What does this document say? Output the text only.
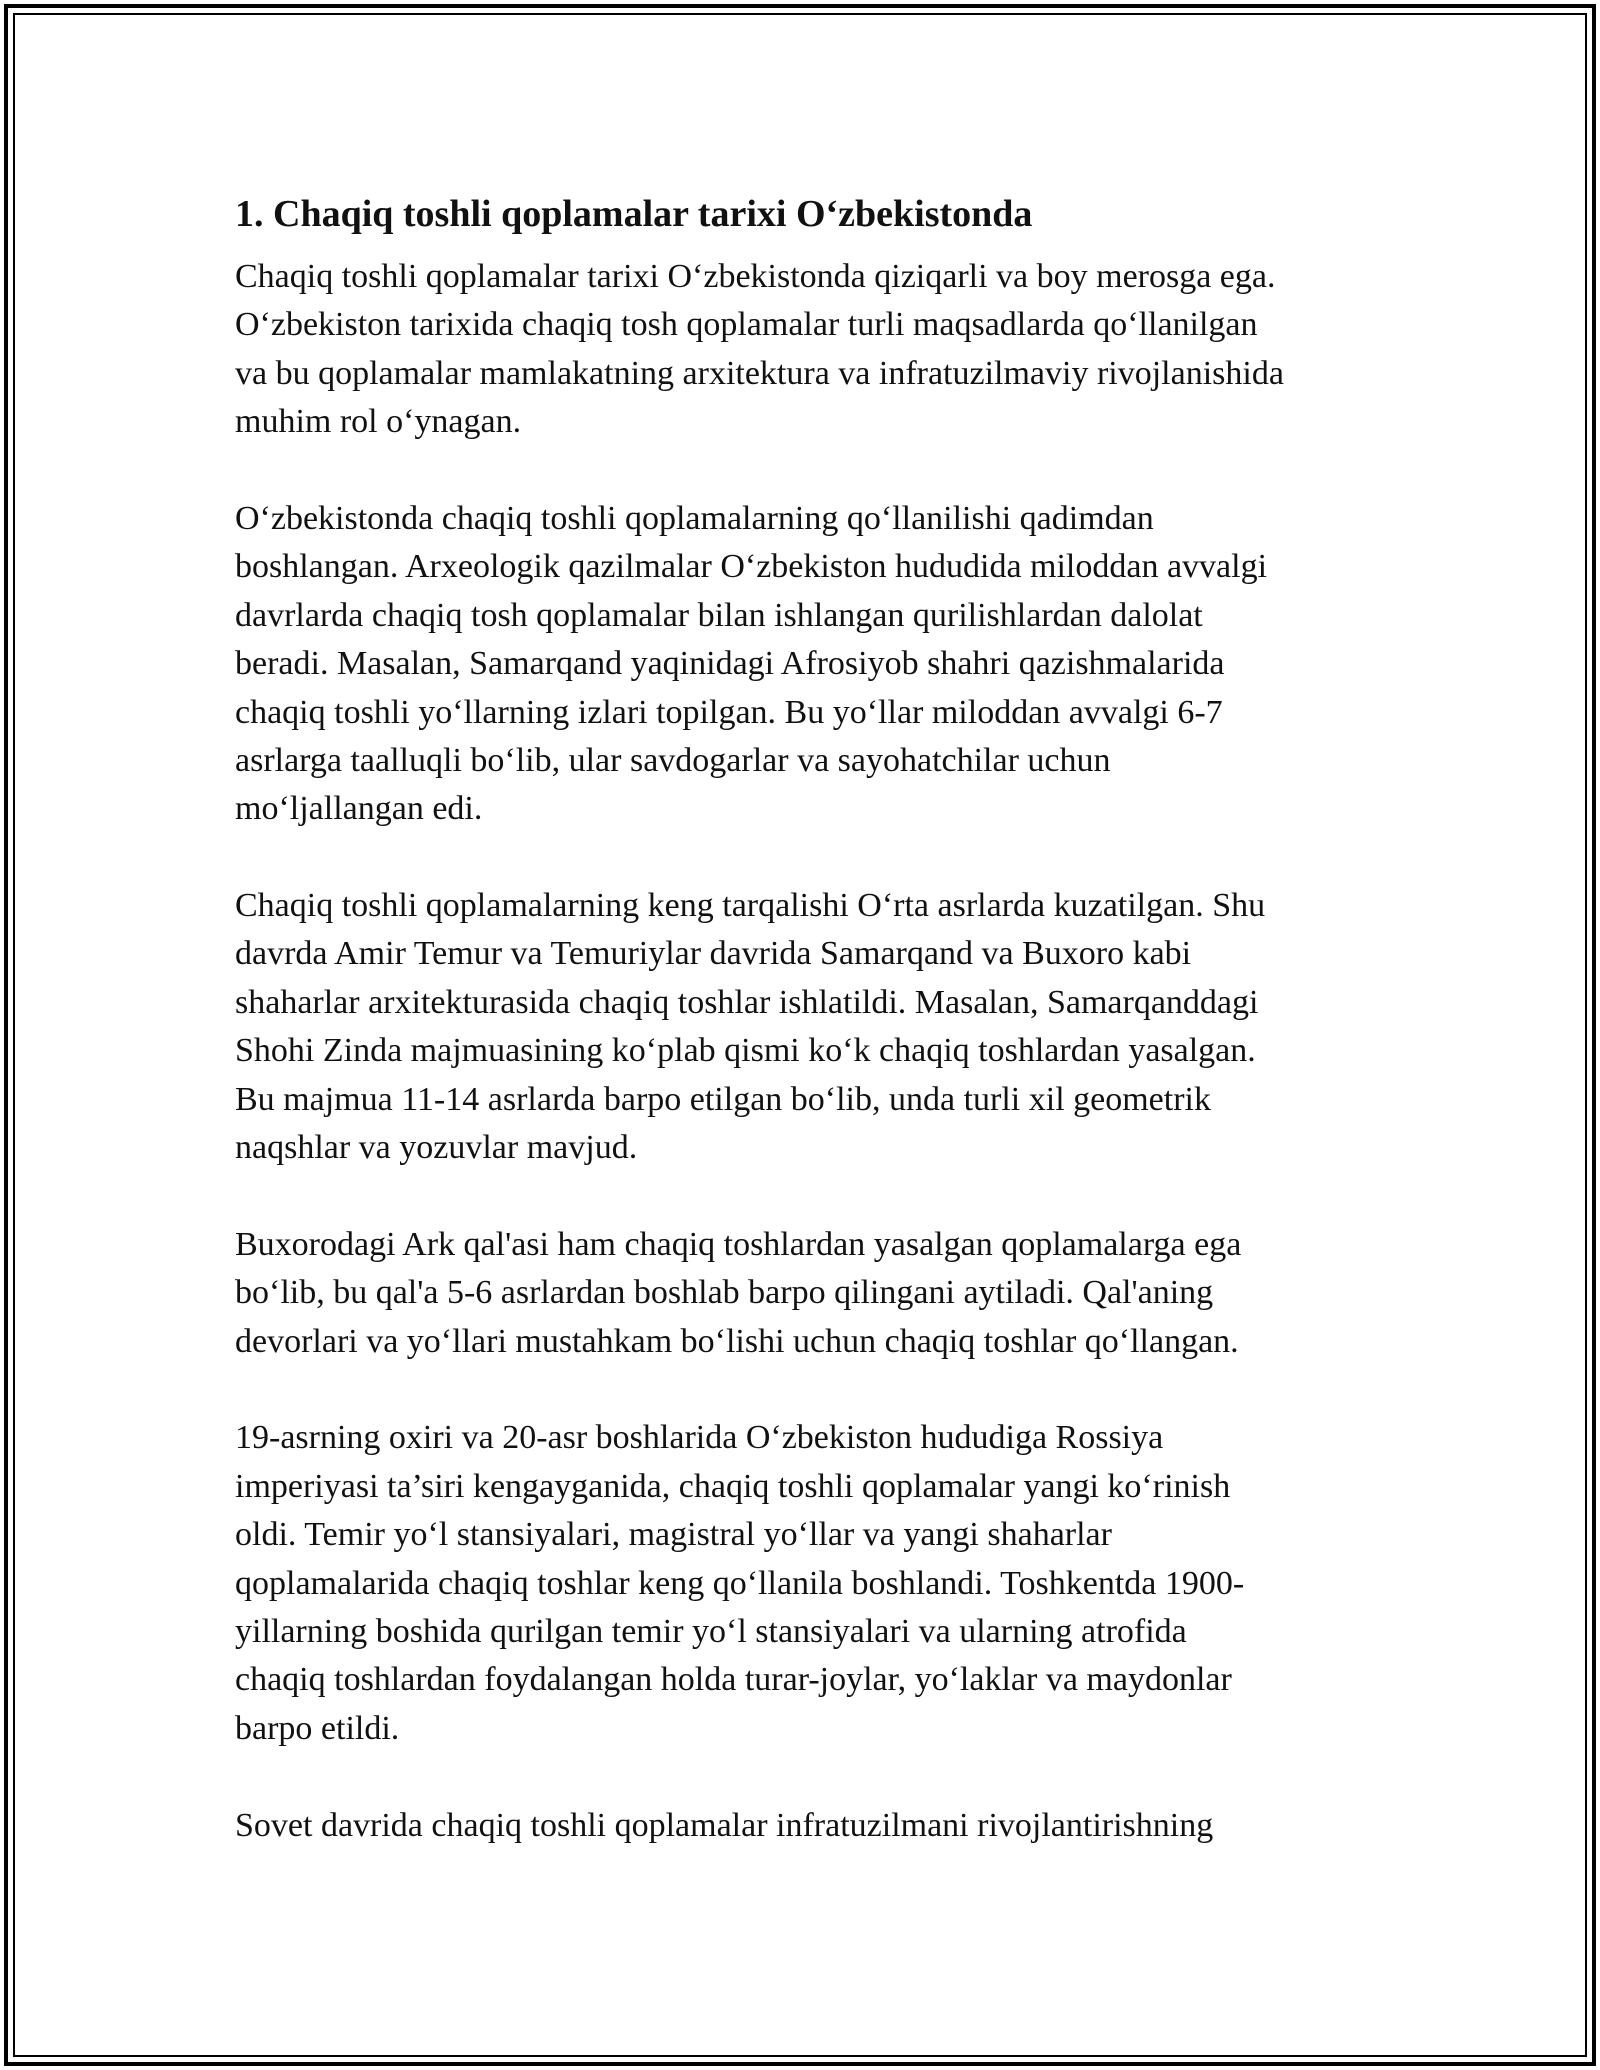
1. Chaqiq toshli qoplamalar tarixi O‘zbekistonda

Chaqiq toshli qoplamalar tarixi O‘zbekistonda qiziqarli va boy merosga ega.
O‘zbekiston tarixida chaqiq tosh qoplamalar turli maqsadlarda qo‘llanilgan
va bu qoplamalar mamlakatning arxitektura va infratuzilmaviy rivojlanishida
muhim rol o‘ynagan.

O‘zbekistonda chaqiq toshli qoplamalarning qo‘llanilishi qadimdan
boshlangan. Arxeologik qazilmalar O‘zbekiston hududida miloddan avvalgi
davrlarda chaqiq tosh qoplamalar bilan ishlangan qurilishlardan dalolat
beradi. Masalan, Samarqand yaqinidagi Afrosiyob shahri qazishmalarida
chaqiq toshli yo‘llarning izlari topilgan. Bu yo‘llar miloddan avvalgi 6-7
asrlarga taalluqli bo‘lib, ular savdogarlar va sayohatchilar uchun
mo‘ljallangan edi.

Chaqiq toshli qoplamalarning keng tarqalishi O‘rta asrlarda kuzatilgan. Shu
davrda Amir Temur va Temuriylar davrida Samarqand va Buxoro kabi
shaharlar arxitekturasida chaqiq toshlar ishlatildi. Masalan, Samarqanddagi
Shohi Zinda majmuasining ko‘plab qismi ko‘k chaqiq toshlardan yasalgan.
Bu majmua 11-14 asrlarda barpo etilgan bo‘lib, unda turli xil geometrik
naqshlar va yozuvlar mavjud.

Buxorodagi Ark qal'asi ham chaqiq toshlardan yasalgan qoplamalarga ega
bo‘lib, bu qal'a 5-6 asrlardan boshlab barpo qilingani aytiladi. Qal'aning
devorlari va yo‘llari mustahkam bo‘lishi uchun chaqiq toshlar qo‘llangan.

19-asrning oxiri va 20-asr boshlarida O‘zbekiston hududiga Rossiya
imperiyasi ta’siri kengayganida, chaqiq toshli qoplamalar yangi ko‘rinish
oldi. Temir yo‘l stansiyalari, magistral yo‘llar va yangi shaharlar
qoplamalarida chaqiq toshlar keng qo‘llanila boshlandi. Toshkentda 1900-
yillarning boshida qurilgan temir yo‘l stansiyalari va ularning atrofida
chaqiq toshlardan foydalangan holda turar-joylar, yo‘laklar va maydonlar
barpo etildi.

Sovet davrida chaqiq toshli qoplamalar infratuzilmani rivojlantirishning
